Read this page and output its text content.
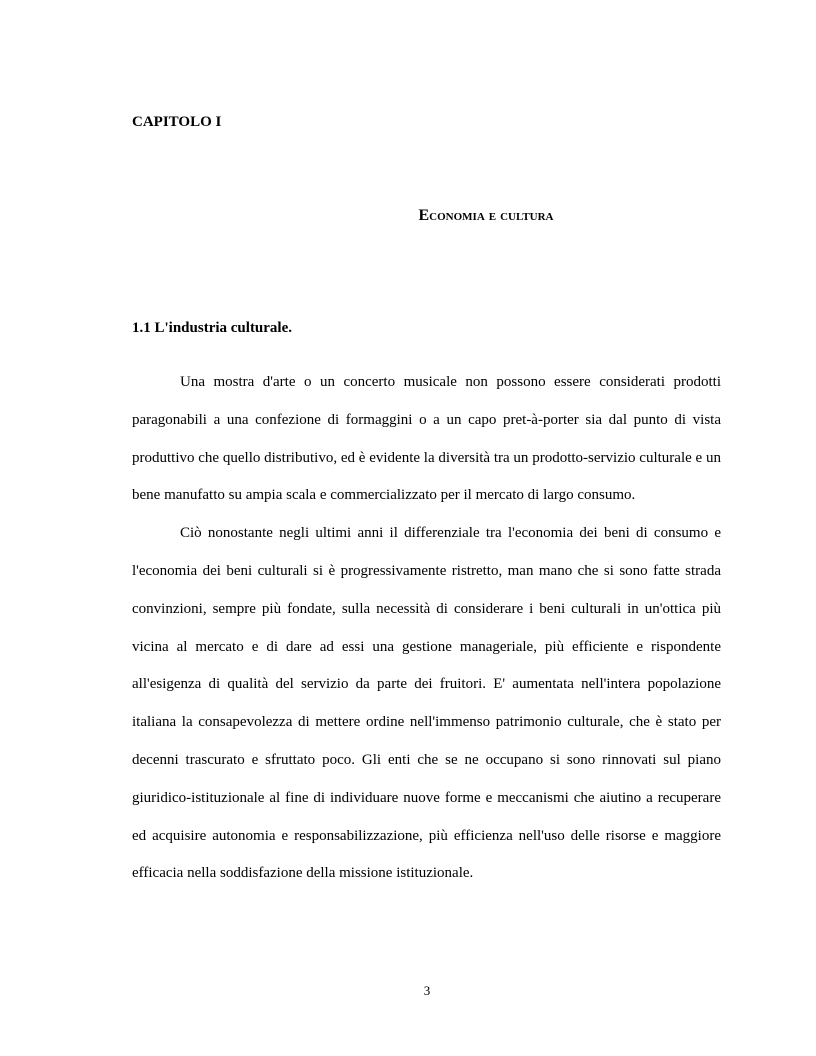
CAPITOLO I
Economia e cultura
1.1 L'industria culturale.

Una mostra d'arte o un concerto musicale non possono essere considerati prodotti paragonabili a una confezione di formaggini o a un capo pret-à-porter sia dal punto di vista produttivo che quello distributivo, ed è evidente la diversità tra un prodotto-servizio culturale e un bene manufatto su ampia scala e commercializzato per il mercato di largo consumo.

Ciò nonostante negli ultimi anni il differenziale tra l'economia dei beni di consumo e l'economia dei beni culturali si è progressivamente ristretto, man mano che si sono fatte strada convinzioni, sempre più fondate, sulla necessità di considerare i beni culturali in un'ottica più vicina al mercato e di dare ad essi una gestione manageriale, più efficiente e rispondente all'esigenza di qualità del servizio da parte dei fruitori. E' aumentata nell'intera popolazione italiana la consapevolezza di mettere ordine nell'immenso patrimonio culturale, che è stato per decenni trascurato e sfruttato poco. Gli enti che se ne occupano si sono rinnovati sul piano giuridico-istituzionale al fine di individuare nuove forme e meccanismi che aiutino a recuperare ed acquisire autonomia e responsabilizzazione, più efficienza nell'uso delle risorse e maggiore efficacia nella soddisfazione della missione istituzionale.

3
